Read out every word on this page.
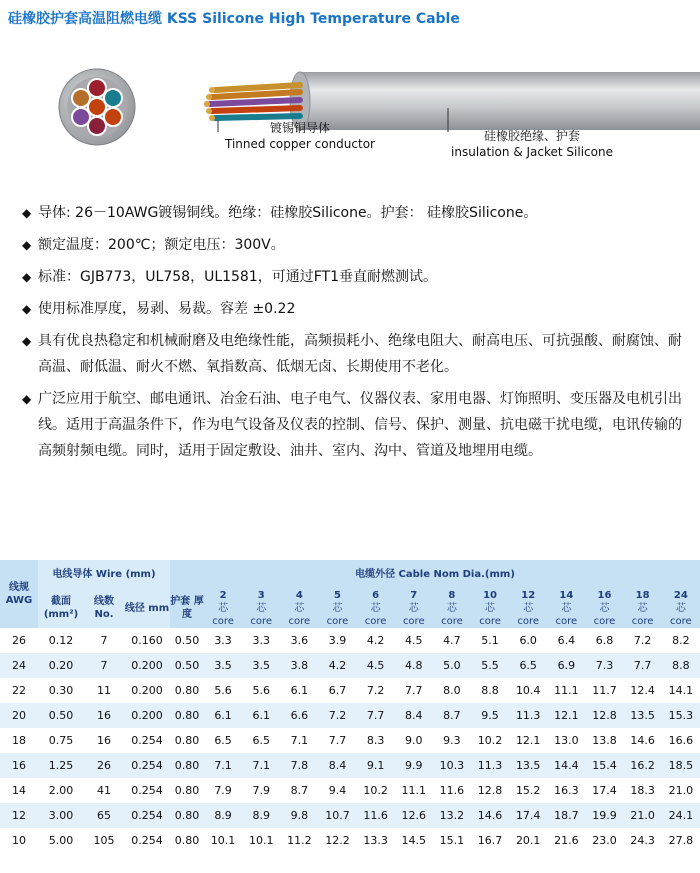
硅橡胶护套高温阻燃电缆 KSS Silicone High Temperature Cable
镀锡铜导体
Tinned copper conductor
硅橡胶绝缘、护套
insulation & Jacket Silicone
◆ 导体: 26－10AWG镀锡铜线。绝缘：硅橡胶Silicone。护套： 硅橡胶Silicone。
◆ 额定温度：200℃；额定电压：300V。
◆ 标准：GJB773，UL758，UL1581，可通过FT1垂直耐燃测试。
◆ 使用标准厚度，易剥、易裁。容差 ±0.22
◆ 具有优良热稳定和机械耐磨及电绝缘性能，高频损耗小、绝缘电阻大、耐高电压、可抗强酸、耐腐蚀、耐高温、耐低温、耐火不燃、氧指数高、低烟无卤、长期使用不老化。
◆ 广泛应用于航空、邮电通讯、冶金石油、电子电气、仪器仪表、家用电器、灯饰照明、变压器及电机引出线。适用于高温条件下，作为电气设备及仪表的控制、信号、保护、测量、抗电磁干扰电缆，电讯传输的高频射频电缆。同时，适用于固定敷设、油井、室内、沟中、管道及地埋用电缆。
线规
AWG	电线导体 Wire (mm)			电缆外径 Cable Nom Dia.(mm)													
	截面 (mm²)	线数 No.	线径 mm	护套 厚度	2
芯
core	3
芯
core	4
芯
core	5
芯
core	6
芯
core	7
芯
core	8
芯
core	10
芯
core	12
芯
core	14
芯
core	16
芯
core	18
芯
core	24
芯
core

26	0.12	7	0.160	0.50	3.3	3.3	3.6	3.9	4.2	4.5	4.7	5.1	6.0	6.4	6.8	7.2	8.2
24	0.20	7	0.200	0.50	3.5	3.5	3.8	4.2	4.5	4.8	5.0	5.5	6.5	6.9	7.3	7.7	8.8
22	0.30	11	0.200	0.80	5.6	5.6	6.1	6.7	7.2	7.7	8.0	8.8	10.4	11.1	11.7	12.4	14.1
20	0.50	16	0.200	0.80	6.1	6.1	6.6	7.2	7.7	8.4	8.7	9.5	11.3	12.1	12.8	13.5	15.3
18	0.75	16	0.254	0.80	6.5	6.5	7.1	7.7	8.3	9.0	9.3	10.2	12.1	13.0	13.8	14.6	16.6
16	1.25	26	0.254	0.80	7.1	7.1	7.8	8.4	9.1	9.9	10.3	11.3	13.5	14.4	15.4	16.2	18.5
14	2.00	41	0.254	0.80	7.9	7.9	8.7	9.4	10.2	11.1	11.6	12.8	15.2	16.3	17.4	18.3	21.0
12	3.00	65	0.254	0.80	8.9	8.9	9.8	10.7	11.6	12.6	13.2	14.6	17.4	18.7	19.9	21.0	24.1
10	5.00	105	0.254	0.80	10.1	10.1	11.2	12.2	13.3	14.5	15.1	16.7	20.1	21.6	23.0	24.3	27.8
